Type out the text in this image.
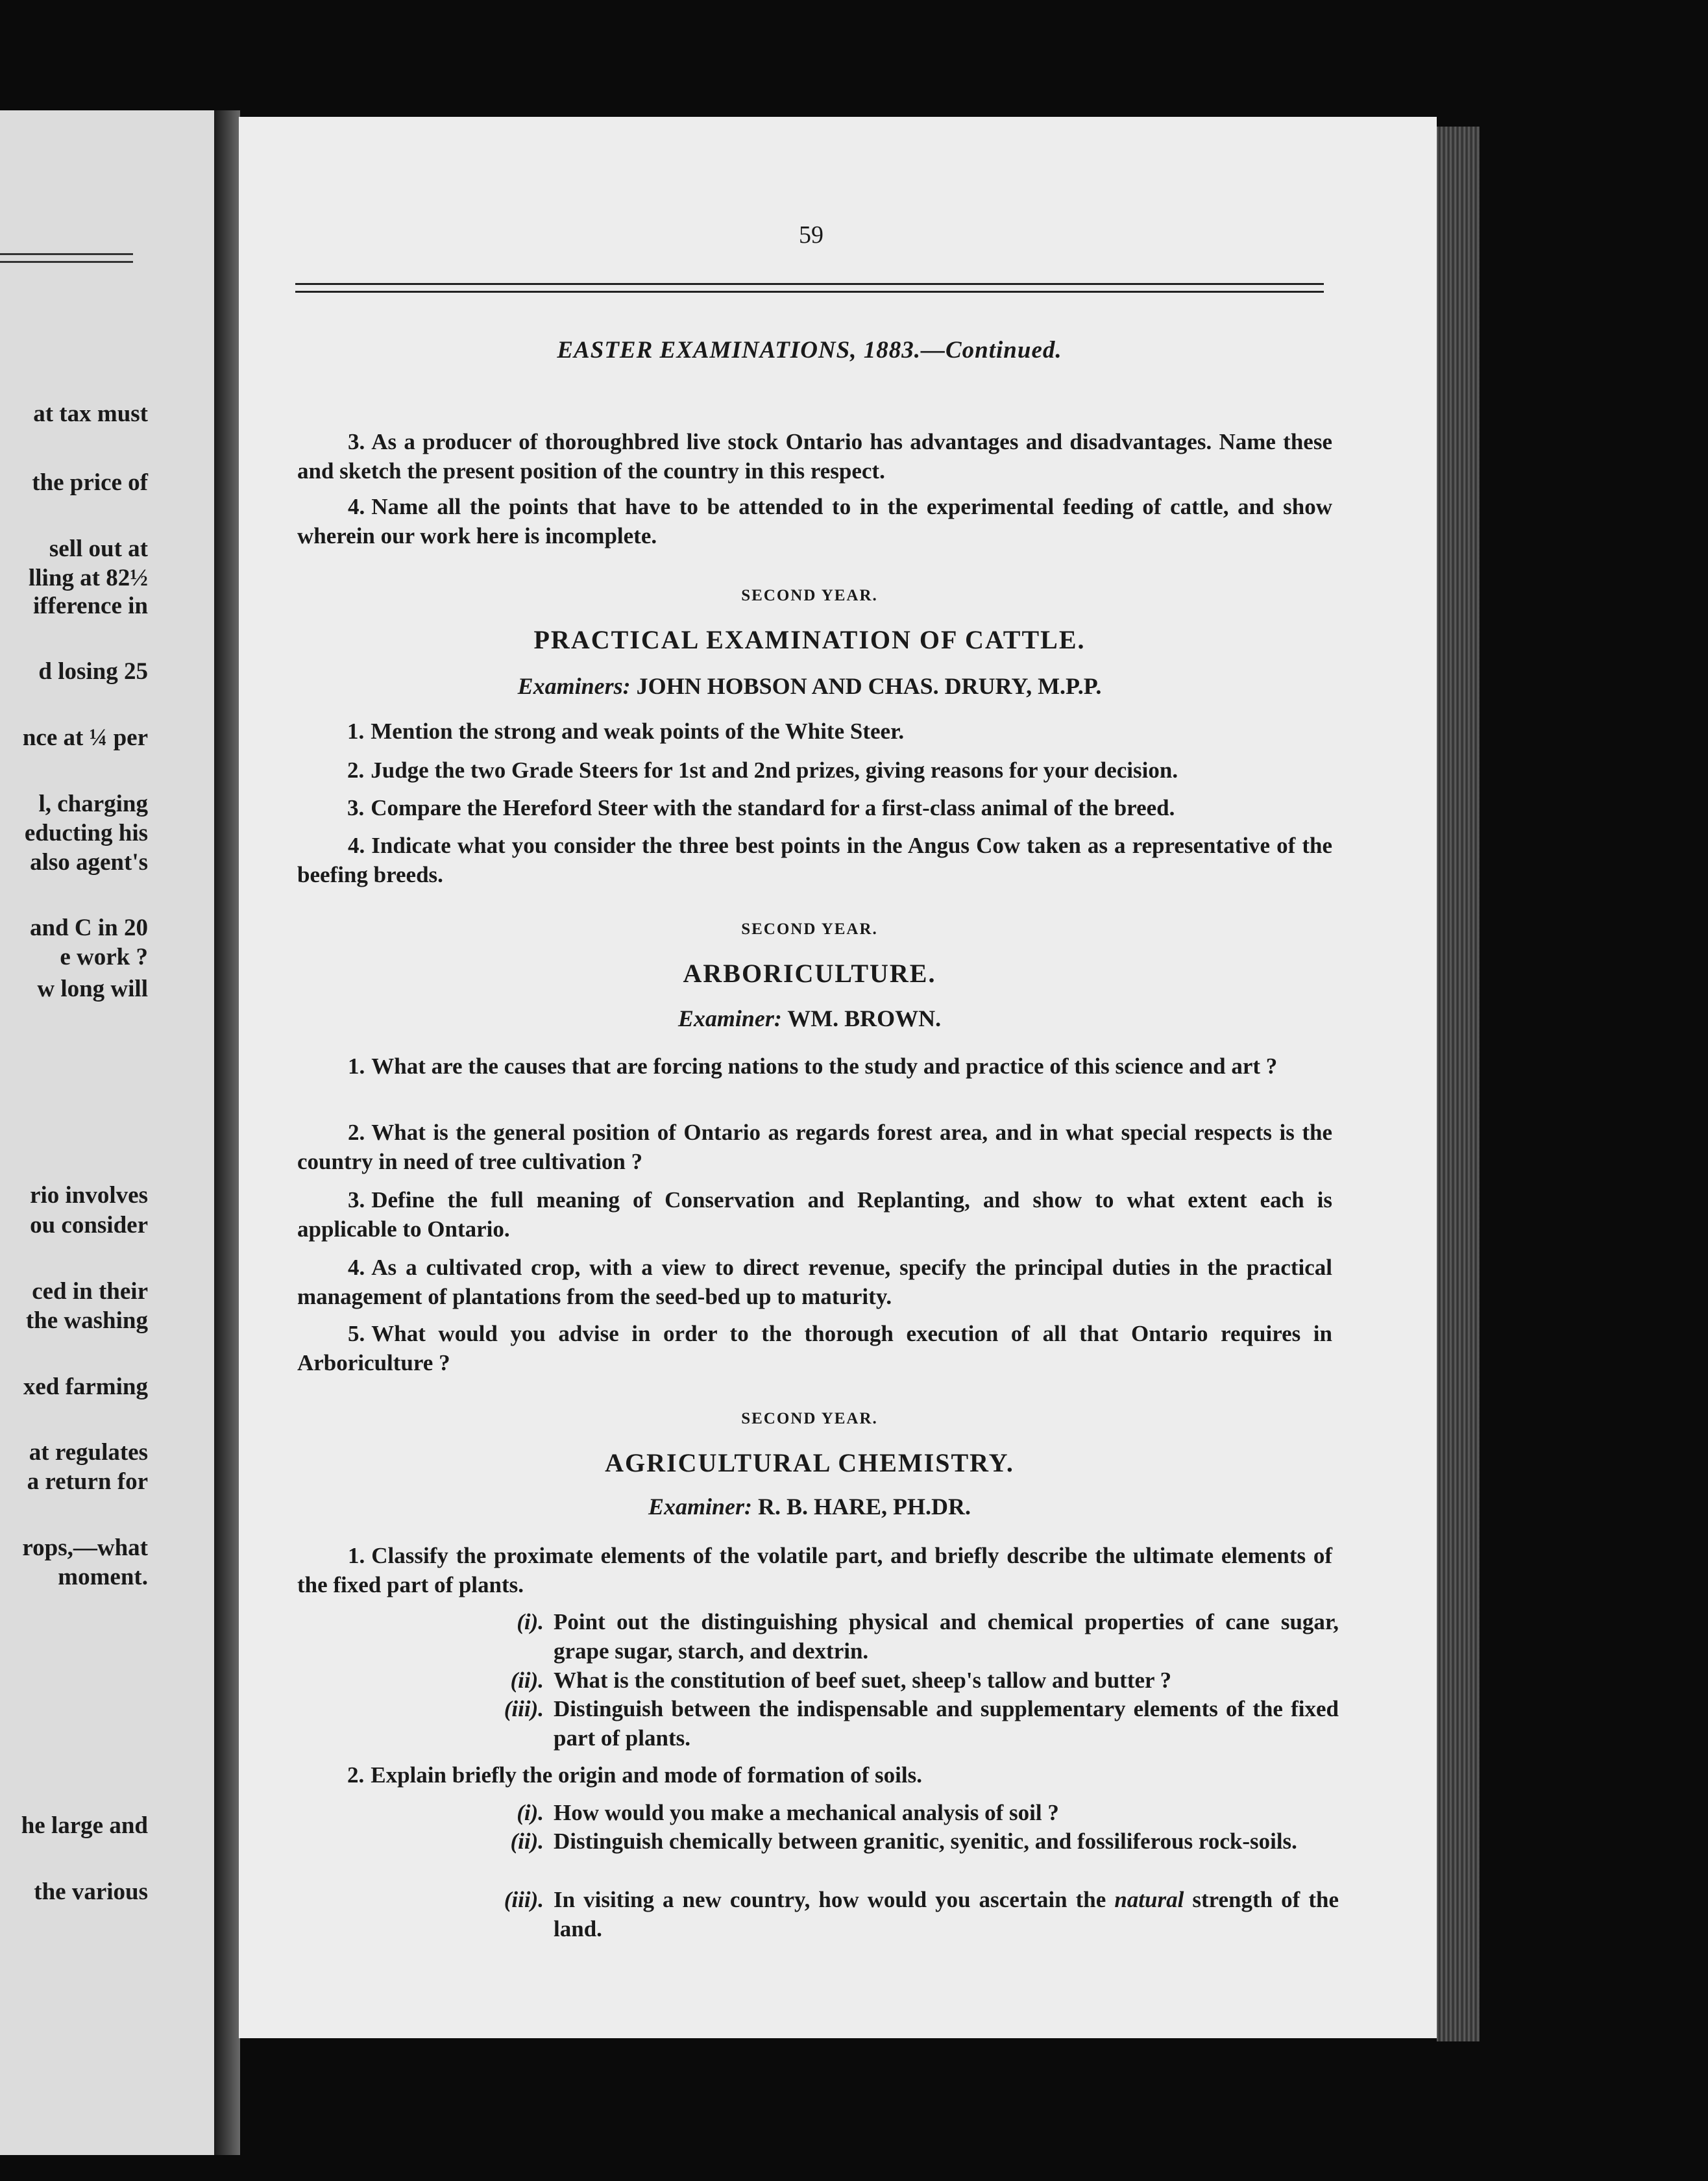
at tax must
the price of
sell out at
lling at 82½
ifference in
d losing 25
nce at ¼ per
l, charging
educting his
also agent's
and C in 20
e work ?
w long will
rio involves
ou consider
ced in their
the washing
xed farming
at regulates
a return for
rops,—what
moment.
he large and
the various
59
EASTER EXAMINATIONS, 1883.—Continued.
3. As a producer of thoroughbred live stock Ontario has advantages and disadvantages. Name these and sketch the present position of the country in this respect.
4. Name all the points that have to be attended to in the experimental feeding of cattle, and show wherein our work here is incomplete.
SECOND YEAR.
PRACTICAL EXAMINATION OF CATTLE.
Examiners: JOHN HOBSON AND CHAS. DRURY, M.P.P.
1. Mention the strong and weak points of the White Steer.
2. Judge the two Grade Steers for 1st and 2nd prizes, giving reasons for your decision.
3. Compare the Hereford Steer with the standard for a first-class animal of the breed.
4. Indicate what you consider the three best points in the Angus Cow taken as a representative of the beefing breeds.
SECOND YEAR.
ARBORICULTURE.
Examiner: WM. BROWN.
1. What are the causes that are forcing nations to the study and practice of this science and art ?
2. What is the general position of Ontario as regards forest area, and in what special respects is the country in need of tree cultivation ?
3. Define the full meaning of Conservation and Replanting, and show to what extent each is applicable to Ontario.
4. As a cultivated crop, with a view to direct revenue, specify the principal duties in the practical management of plantations from the seed-bed up to maturity.
5. What would you advise in order to the thorough execution of all that Ontario requires in Arboriculture ?
SECOND YEAR.
AGRICULTURAL CHEMISTRY.
Examiner: R. B. HARE, PH.DR.
1. Classify the proximate elements of the volatile part, and briefly describe the ultimate elements of the fixed part of plants.
(i). Point out the distinguishing physical and chemical properties of cane sugar, grape sugar, starch, and dextrin.
(ii). What is the constitution of beef suet, sheep's tallow and butter ?
(iii). Distinguish between the indispensable and supplementary elements of the fixed part of plants.
2. Explain briefly the origin and mode of formation of soils.
(i). How would you make a mechanical analysis of soil ?
(ii). Distinguish chemically between granitic, syenitic, and fossiliferous rock-soils.
(iii). In visiting a new country, how would you ascertain the natural strength of the land.
